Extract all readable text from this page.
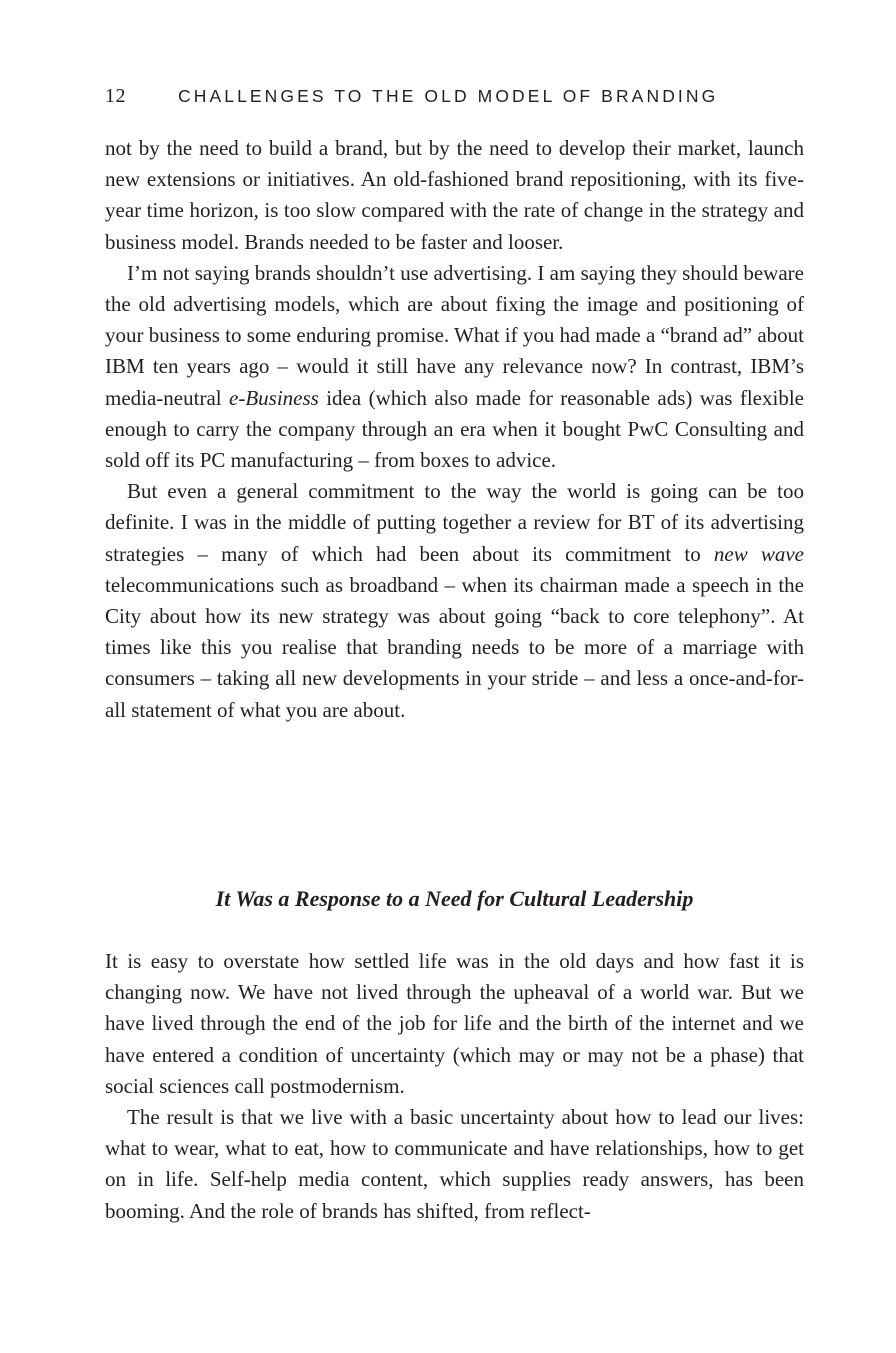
12	CHALLENGES TO THE OLD MODEL OF BRANDING

not by the need to build a brand, but by the need to develop their market, launch new extensions or initiatives. An old-fashioned brand repositioning, with its five-year time horizon, is too slow compared with the rate of change in the strategy and business model. Brands needed to be faster and looser.

I’m not saying brands shouldn’t use advertising. I am saying they should beware the old advertising models, which are about fixing the image and positioning of your business to some enduring promise. What if you had made a “brand ad” about IBM ten years ago – would it still have any relevance now? In contrast, IBM’s media-neutral e-Business idea (which also made for reasonable ads) was flexible enough to carry the company through an era when it bought PwC Consulting and sold off its PC manufacturing – from boxes to advice.

But even a general commitment to the way the world is going can be too definite. I was in the middle of putting together a review for BT of its advertising strategies – many of which had been about its commitment to new wave telecommunications such as broadband – when its chairman made a speech in the City about how its new strategy was about going “back to core telephony”. At times like this you realise that branding needs to be more of a marriage with consumers – taking all new developments in your stride – and less a once-and-for-all statement of what you are about.

It Was a Response to a Need for Cultural Leadership

It is easy to overstate how settled life was in the old days and how fast it is changing now. We have not lived through the upheaval of a world war. But we have lived through the end of the job for life and the birth of the internet and we have entered a condition of uncertainty (which may or may not be a phase) that social sciences call postmodernism.

The result is that we live with a basic uncertainty about how to lead our lives: what to wear, what to eat, how to communicate and have relationships, how to get on in life. Self-help media content, which supplies ready answers, has been booming. And the role of brands has shifted, from reflect-
